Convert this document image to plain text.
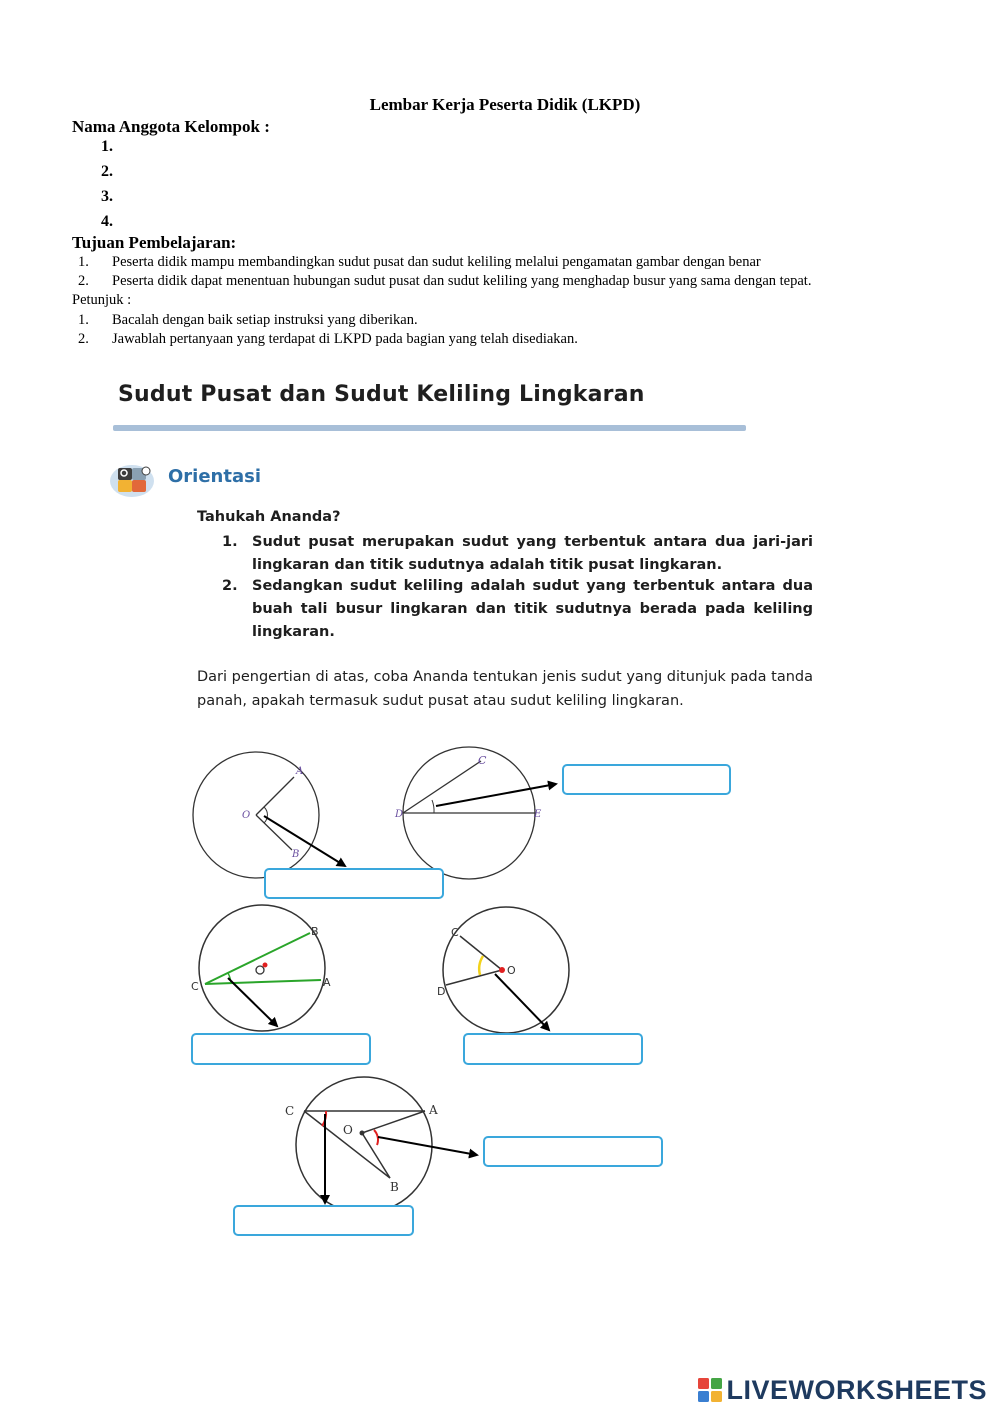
Lembar Kerja Peserta Didik (LKPD)
Nama Anggota Kelompok :
1.
2.
3.
4.
Tujuan Pembelajaran:
1. Peserta didik mampu membandingkan sudut pusat dan sudut keliling melalui pengamatan gambar dengan benar
2. Peserta didik dapat menentuan hubungan sudut pusat dan sudut keliling yang menghadap busur yang sama dengan tepat.
Petunjuk :
1. Bacalah dengan baik setiap instruksi yang diberikan.
2. Jawablah pertanyaan yang terdapat di LKPD pada bagian yang telah disediakan.
Sudut Pusat dan Sudut Keliling Lingkaran
Orientasi
Tahukah Ananda?
1. Sudut pusat merupakan sudut yang terbentuk antara dua jari-jari lingkaran dan titik sudutnya adalah titik pusat lingkaran.
2. Sedangkan sudut keliling adalah sudut yang terbentuk antara dua buah tali busur lingkaran dan titik sudutnya berada pada keliling lingkaran.
Dari pengertian di atas, coba Ananda tentukan jenis sudut yang ditunjuk pada tanda panah, apakah termasuk sudut pusat atau sudut keliling lingkaran.
O
A
B
C
D	E
B
C	A
C
D
O
C	A
O
B
LIVEWORKSHEETS
